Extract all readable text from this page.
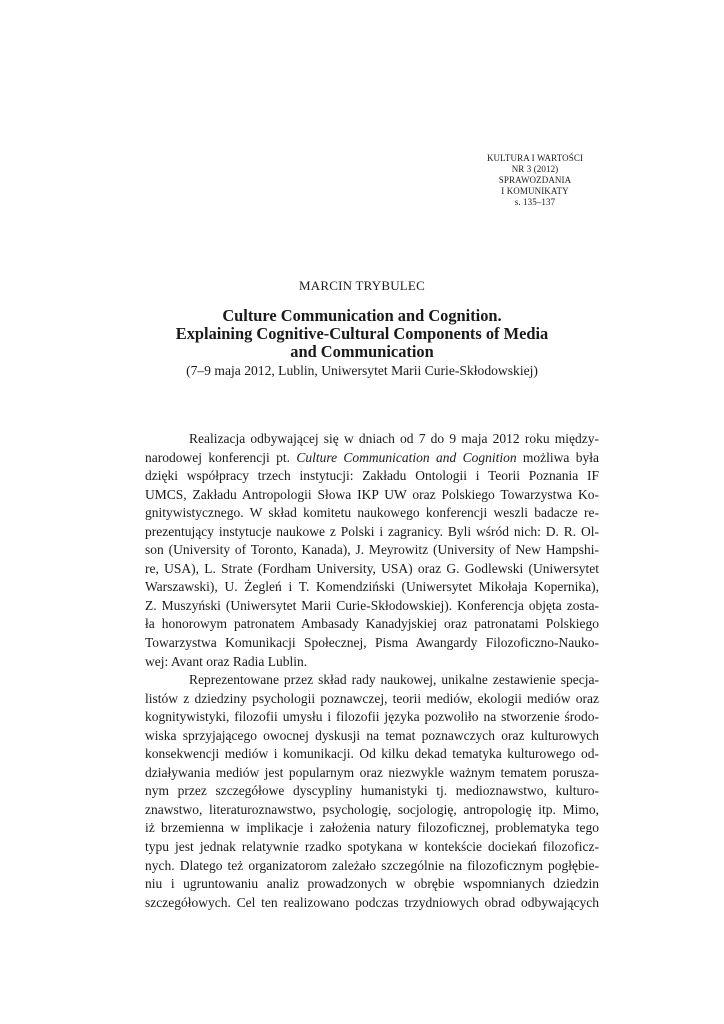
KULTURA I WARTOŚCI
NR 3 (2012)
SPRAWOZDANIA
I KOMUNIKATY
s. 135–137
MARCIN TRYBULEC
Culture Communication and Cognition.
Explaining Cognitive-Cultural Components of Media
and Communication
(7–9 maja 2012, Lublin, Uniwersytet Marii Curie-Skłodowskiej)
Realizacja odbywającej się w dniach od 7 do 9 maja 2012 roku między-
narodowej konferencji pt. Culture Communication and Cognition możliwa była
dzięki współpracy trzech instytucji: Zakładu Ontologii i Teorii Poznania IF
UMCS, Zakładu Antropologii Słowa IKP UW oraz Polskiego Towarzystwa Ko-
gnitywistycznego. W skład komitetu naukowego konferencji weszli badacze re-
prezentujący instytucje naukowe z Polski i zagranicy. Byli wśród nich: D. R. Ol-
son (University of Toronto, Kanada), J. Meyrowitz (University of New Hampshi-
re, USA), L. Strate (Fordham University, USA) oraz G. Godlewski (Uniwersytet
Warszawski), U. Żegleń i T. Komendziński (Uniwersytet Mikołaja Kopernika),
Z. Muszyński (Uniwersytet Marii Curie-Skłodowskiej). Konferencja objęta zosta-
ła honorowym patronatem Ambasady Kanadyjskiej oraz patronatami Polskiego
Towarzystwa Komunikacji Społecznej, Pisma Awangardy Filozoficzno-Nauko-
wej: Avant oraz Radia Lublin.
Reprezentowane przez skład rady naukowej, unikalne zestawienie specja-
listów z dziedziny psychologii poznawczej, teorii mediów, ekologii mediów oraz
kognitywistyki, filozofii umysłu i filozofii języka pozwoliło na stworzenie środo-
wiska sprzyjającego owocnej dyskusji na temat poznawczych oraz kulturowych
konsekwencji mediów i komunikacji. Od kilku dekad tematyka kulturowego od-
działywania mediów jest popularnym oraz niezwykle ważnym tematem porusza-
nym przez szczegółowe dyscypliny humanistyki tj. medioznawstwo, kulturo-
znawstwo, literaturoznawstwo, psychologię, socjologię, antropologię itp. Mimo,
iż brzemienna w implikacje i założenia natury filozoficznej, problematyka tego
typu jest jednak relatywnie rzadko spotykana w kontekście dociekań filozoficz-
nych. Dlatego też organizatorom zależało szczególnie na filozoficznym pogłębie-
niu i ugruntowaniu analiz prowadzonych w obrębie wspomnianych dziedzin
szczegółowych. Cel ten realizowano podczas trzydniowych obrad odbywających
